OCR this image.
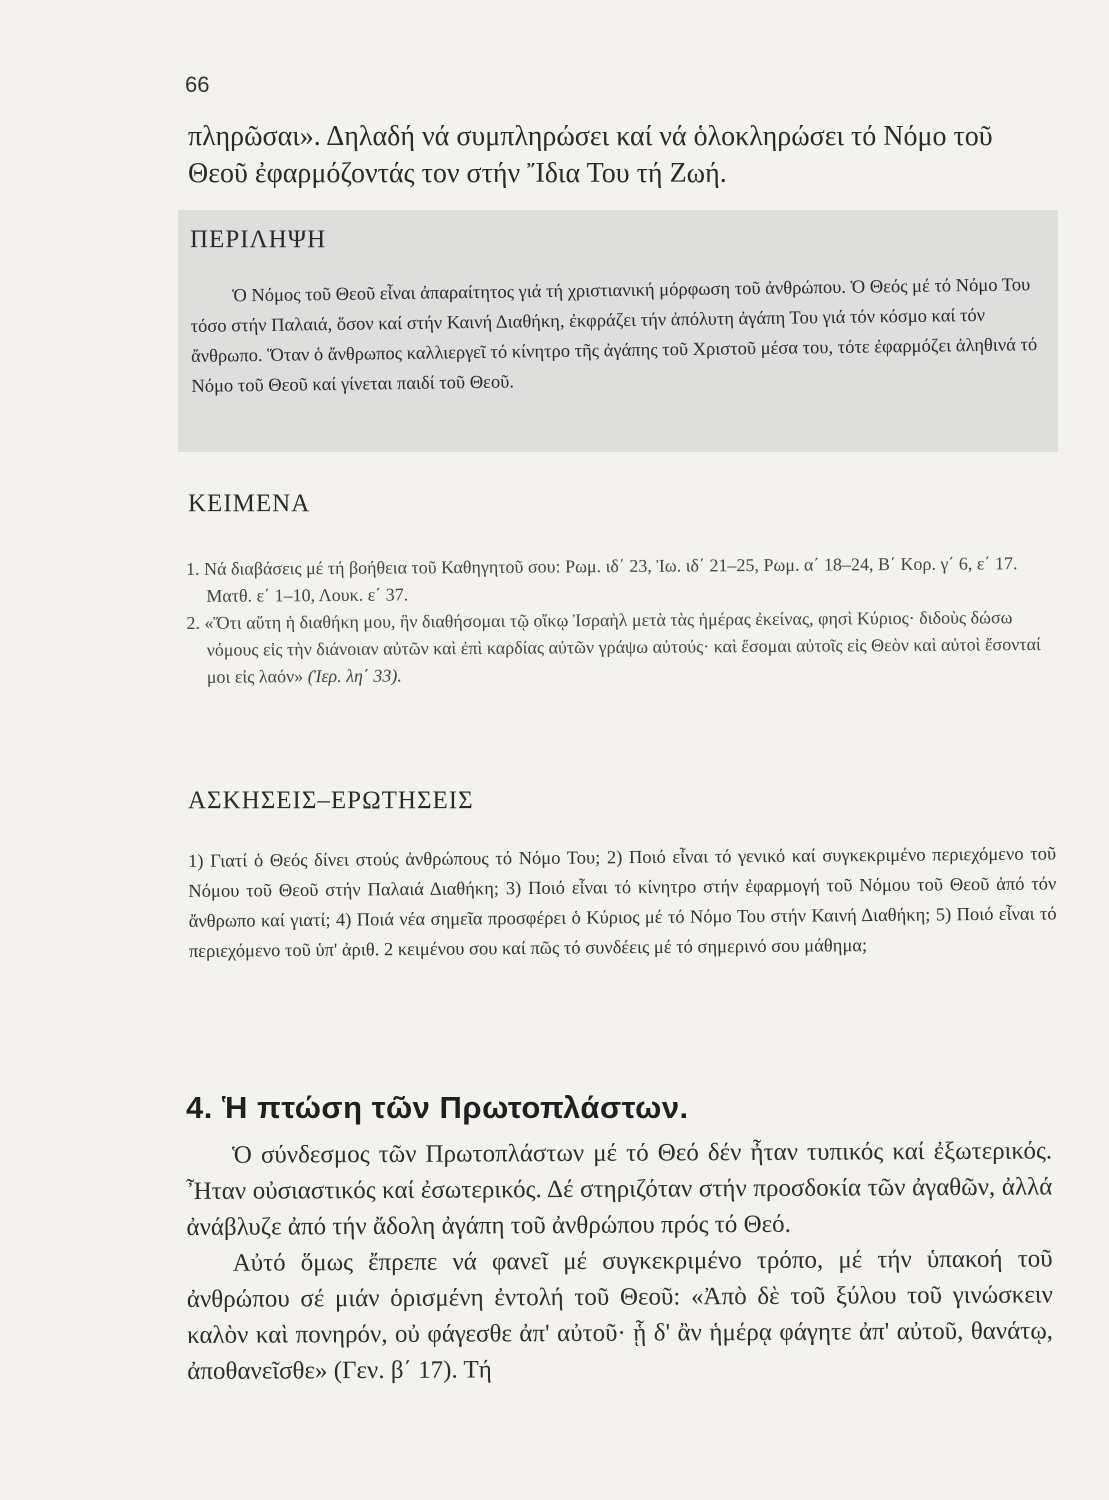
66

πληρῶσαι». Δηλαδή νά συμπληρώσει καί νά ὁλοκληρώσει τό Νόμο τοῦ Θεοῦ ἐφαρμόζοντάς τον στήν Ἴδια Του τή Ζωή.

ΠΕΡΙΛΗΨΗ

Ὁ Νόμος τοῦ Θεοῦ εἶναι ἀπαραίτητος γιά τή χριστιανική μόρφωση τοῦ ἀνθρώπου. Ὁ Θεός μέ τό Νόμο Του τόσο στήν Παλαιά, ὅσον καί στήν Καινή Διαθήκη, ἐκφράζει τήν ἀπόλυτη ἀγάπη Του γιά τόν κόσμο καί τόν ἄνθρωπο. Ὅταν ὁ ἄνθρωπος καλλιεργεῖ τό κίνητρο τῆς ἀγάπης τοῦ Χριστοῦ μέσα του, τότε ἐφαρμόζει ἀληθινά τό Νόμο τοῦ Θεοῦ καί γίνεται παιδί τοῦ Θεοῦ.

ΚΕΙΜΕΝΑ
1. Νά διαβάσεις μέ τή βοήθεια τοῦ Καθηγητοῦ σου: Ρωμ. ιδ΄ 23, Ἰω. ιδ΄ 21–25, Ρωμ. α΄ 18–24, Β΄ Κορ. γ΄ 6, ε΄ 17. Ματθ. ε΄ 1–10, Λουκ. ε΄ 37.
2. «Ὅτι αὕτη ἡ διαθήκη μου, ἣν διαθήσομαι τῷ οἴκῳ Ἰσραὴλ μετὰ τὰς ἡμέρας ἐκείνας, φησὶ Κύριος· διδοὺς δώσω νόμους εἰς τὴν διάνοιαν αὐτῶν καὶ ἐπὶ καρδίας αὐτῶν γράψω αὐτούς· καὶ ἔσομαι αὐτοῖς εἰς Θεὸν καὶ αὐτοὶ ἔσονταί μοι εἰς λαόν» (Ἱερ. λη΄ 33).
ΑΣΚΗΣΕΙΣ–ΕΡΩΤΗΣΕΙΣ

1) Γιατί ὁ Θεός δίνει στούς ἀνθρώπους τό Νόμο Του; 2) Ποιό εἶναι τό γενικό καί συγκεκριμένο περιεχόμενο τοῦ Νόμου τοῦ Θεοῦ στήν Παλαιά Διαθήκη; 3) Ποιό εἶναι τό κίνητρο στήν ἐφαρμογή τοῦ Νόμου τοῦ Θεοῦ ἀπό τόν ἄνθρωπο καί γιατί; 4) Ποιά νέα σημεῖα προσφέρει ὁ Κύριος μέ τό Νόμο Του στήν Καινή Διαθήκη; 5) Ποιό εἶναι τό περιεχόμενο τοῦ ὑπ' ἀριθ. 2 κειμένου σου καί πῶς τό συνδέεις μέ τό σημερινό σου μάθημα;

4. Ἡ πτώση τῶν Πρωτοπλάστων.

Ὁ σύνδεσμος τῶν Πρωτοπλάστων μέ τό Θεό δέν ἦταν τυπικός καί ἐξωτερικός. Ἦταν οὐσιαστικός καί ἐσωτερικός. Δέ στηριζόταν στήν προσδοκία τῶν ἀγαθῶν, ἀλλά ἀνάβλυζε ἀπό τήν ἄδολη ἀγάπη τοῦ ἀνθρώπου πρός τό Θεό.

Αὐτό ὅμως ἔπρεπε νά φανεῖ μέ συγκεκριμένο τρόπο, μέ τήν ὑπακοή τοῦ ἀνθρώπου σέ μιάν ὁρισμένη ἐντολή τοῦ Θεοῦ: «Ἀπὸ δὲ τοῦ ξύλου τοῦ γινώσκειν καλὸν καὶ πονηρόν, οὐ φάγεσθε ἀπ' αὐτοῦ· ᾗ δ' ἂν ἡμέρᾳ φάγητε ἀπ' αὐτοῦ, θανάτῳ, ἀποθανεῖσθε» (Γεν. β΄ 17). Τή
